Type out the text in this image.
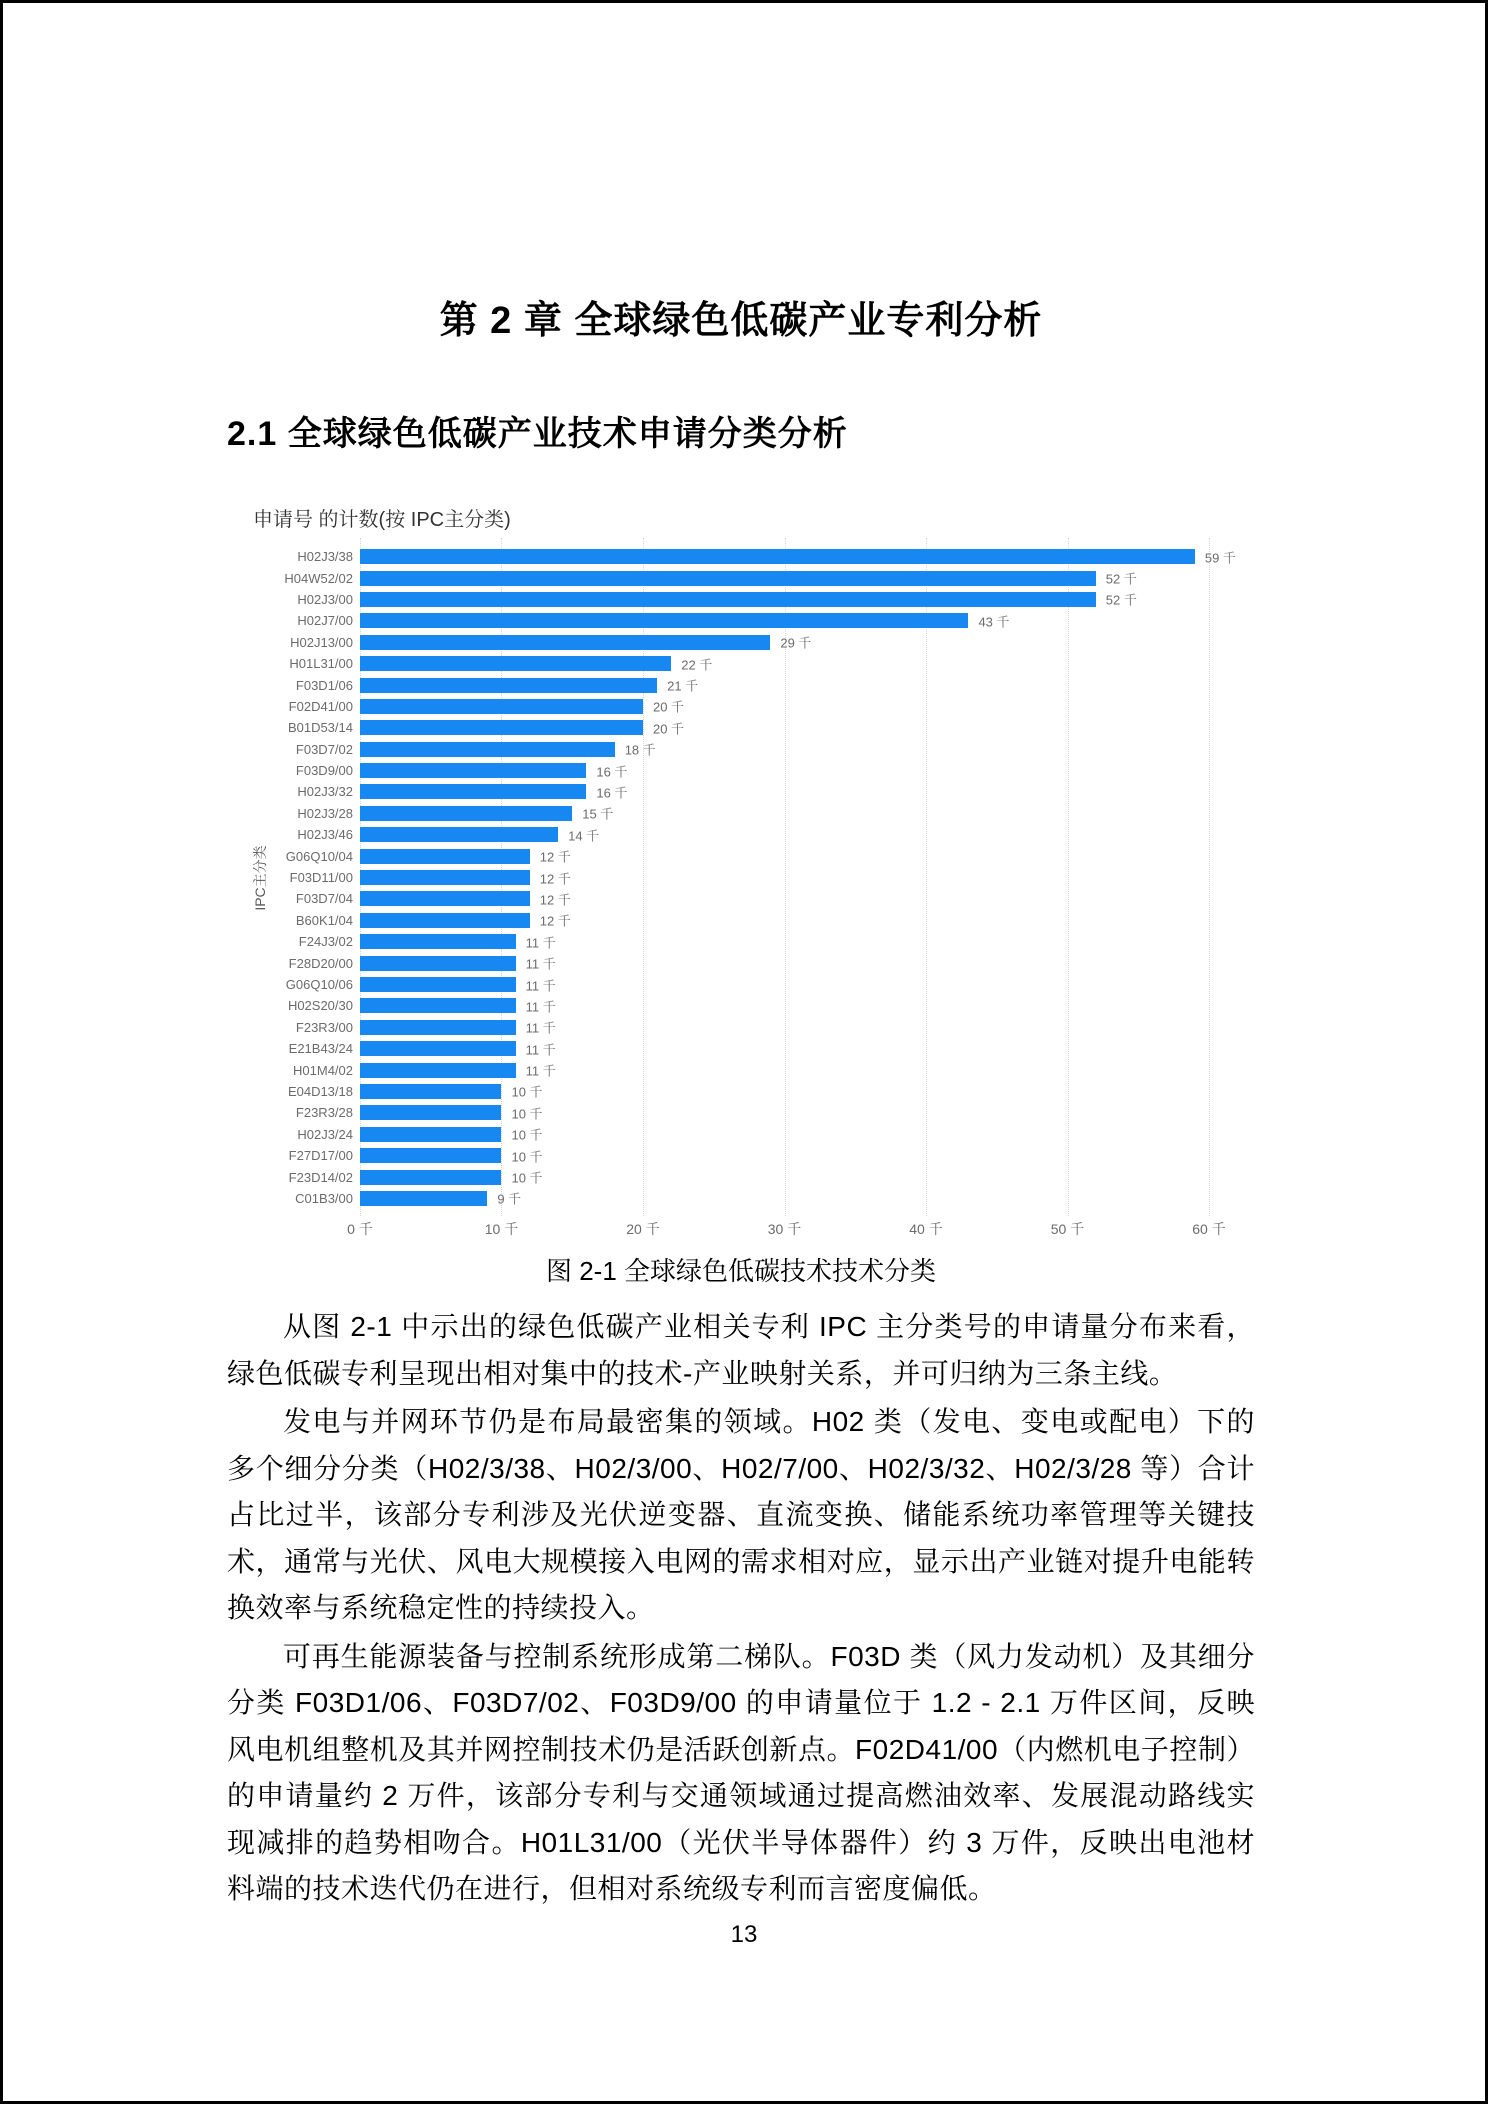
第 2 章 全球绿色低碳产业专利分析
2.1 全球绿色低碳产业技术申请分类分析
申请号 的计数(按 IPC主分类)
IPC主分类
H02J3/38	59 千
H04W52/02	52 千
H02J3/00	52 千
H02J7/00	43 千
H02J13/00	29 千
H01L31/00	22 千
F03D1/06	21 千
F02D41/00	20 千
B01D53/14	20 千
F03D7/02	18 千
F03D9/00	16 千
H02J3/32	16 千
H02J3/28	15 千
H02J3/46	14 千
G06Q10/04	12 千
F03D11/00	12 千
F03D7/04	12 千
B60K1/04	12 千
F24J3/02	11 千
F28D20/00	11 千
G06Q10/06	11 千
H02S20/30	11 千
F23R3/00	11 千
E21B43/24	11 千
H01M4/02	11 千
E04D13/18	10 千
F23R3/28	10 千
H02J3/24	10 千
F27D17/00	10 千
F23D14/02	10 千
C01B3/00	9 千
0 千	10 千	20 千	30 千	40 千	50 千	60 千
图 2-1 全球绿色低碳技术技术分类

从图 2-1 中示出的绿色低碳产业相关专利 IPC 主分类号的申请量分布来看，绿色低碳专利呈现出相对集中的技术-产业映射关系，并可归纳为三条主线。

发电与并网环节仍是布局最密集的领域。H02 类（发电、变电或配电）下的多个细分分类（H02/3/38、H02/3/00、H02/7/00、H02/3/32、H02/3/28 等）合计占比过半，该部分专利涉及光伏逆变器、直流变换、储能系统功率管理等关键技术，通常与光伏、风电大规模接入电网的需求相对应，显示出产业链对提升电能转换效率与系统稳定性的持续投入。

可再生能源装备与控制系统形成第二梯队。F03D 类（风力发动机）及其细分分类 F03D1/06、F03D7/02、F03D9/00 的申请量位于 1.2 - 2.1 万件区间，反映风电机组整机及其并网控制技术仍是活跃创新点。F02D41/00（内燃机电子控制）的申请量约 2 万件，该部分专利与交通领域通过提高燃油效率、发展混动路线实现减排的趋势相吻合。H01L31/00（光伏半导体器件）约 3 万件，反映出电池材料端的技术迭代仍在进行，但相对系统级专利而言密度偏低。

13
